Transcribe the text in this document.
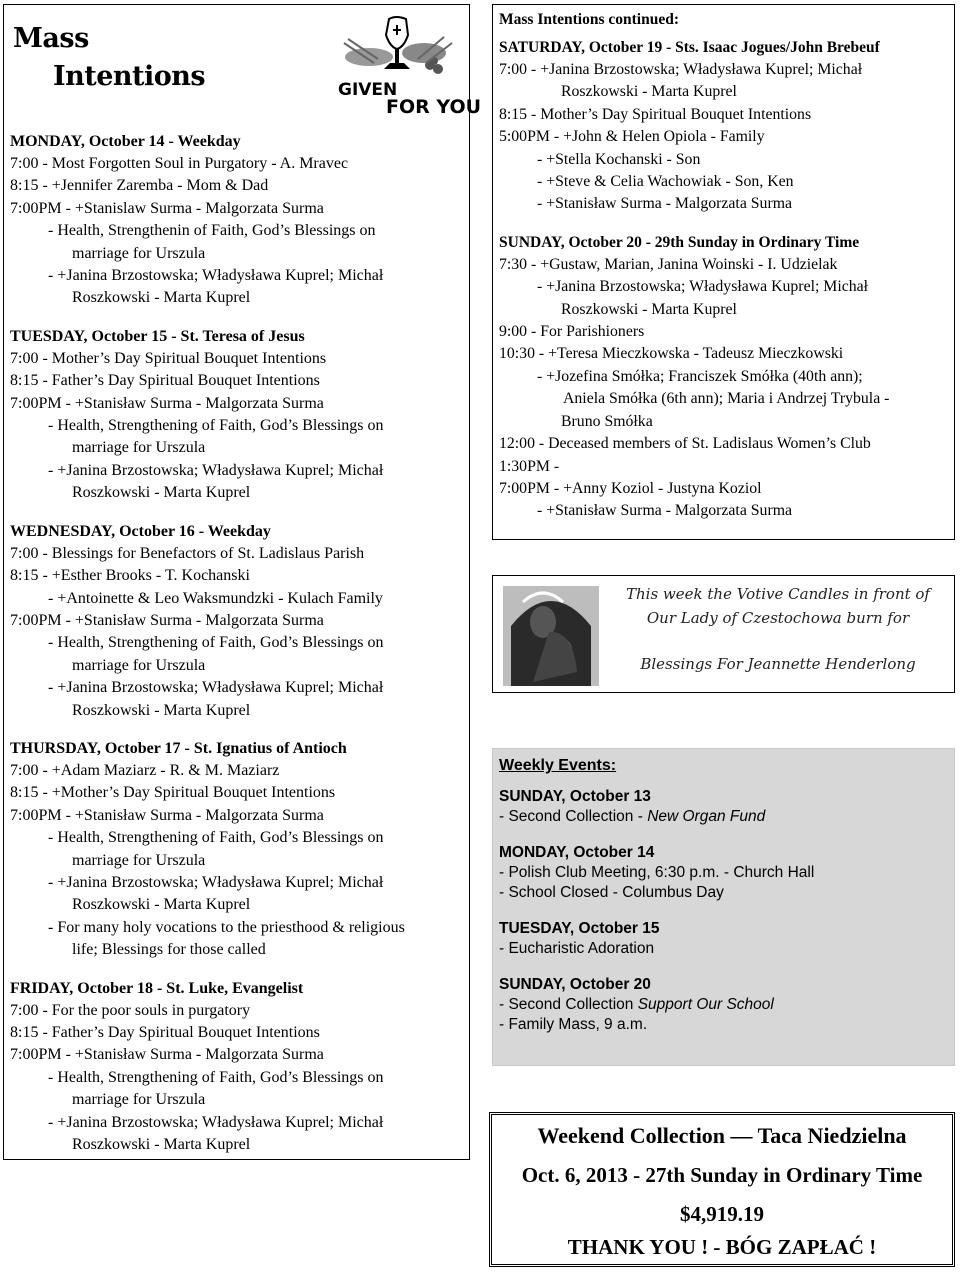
Mass
Intentions	GIVEN
FOR YOU

MONDAY, October 14 - Weekday

7:00 - Most Forgotten Soul in Purgatory - A. Mravec

8:15 - +Jennifer Zaremba - Mom & Dad

7:00PM - +Stanislaw Surma - Malgorzata Surma

- Health, Strengthenin of Faith, God’s Blessings on

marriage for Urszula

- +Janina Brzostowska; Władysława Kuprel; Michał

Roszkowski - Marta Kuprel

TUESDAY, October 15 - St. Teresa of Jesus

7:00 - Mother’s Day Spiritual Bouquet Intentions

8:15 - Father’s Day Spiritual Bouquet Intentions

7:00PM - +Stanisław Surma - Malgorzata Surma

- Health, Strengthening of Faith, God’s Blessings on

marriage for Urszula

- +Janina Brzostowska; Władysława Kuprel; Michał

Roszkowski - Marta Kuprel

WEDNESDAY, October 16 - Weekday

7:00 - Blessings for Benefactors of St. Ladislaus Parish

8:15 - +Esther Brooks - T. Kochanski

- +Antoinette & Leo Waksmundzki - Kulach Family

7:00PM - +Stanisław Surma - Malgorzata Surma

- Health, Strengthening of Faith, God’s Blessings on

marriage for Urszula

- +Janina Brzostowska; Władysława Kuprel; Michał

Roszkowski - Marta Kuprel

THURSDAY, October 17 - St. Ignatius of Antioch

7:00 - +Adam Maziarz - R. & M. Maziarz

8:15 - +Mother’s Day Spiritual Bouquet Intentions

7:00PM - +Stanisław Surma - Malgorzata Surma

- Health, Strengthening of Faith, God’s Blessings on

marriage for Urszula

- +Janina Brzostowska; Władysława Kuprel; Michał

Roszkowski - Marta Kuprel

- For many holy vocations to the priesthood & religious

life; Blessings for those called

FRIDAY, October 18 - St. Luke, Evangelist

7:00 - For the poor souls in purgatory

8:15 - Father’s Day Spiritual Bouquet Intentions

7:00PM - +Stanisław Surma - Malgorzata Surma

- Health, Strengthening of Faith, God’s Blessings on

marriage for Urszula

- +Janina Brzostowska; Władysława Kuprel; Michał

Roszkowski - Marta Kuprel

Mass Intentions continued:

SATURDAY, October 19 - Sts. Isaac Jogues/John Brebeuf

7:00 - +Janina Brzostowska; Władysława Kuprel; Michał

Roszkowski - Marta Kuprel

8:15 - Mother’s Day Spiritual Bouquet Intentions

5:00PM - +John & Helen Opiola - Family

- +Stella Kochanski - Son

- +Steve & Celia Wachowiak - Son, Ken

- +Stanisław Surma - Malgorzata Surma

SUNDAY, October 20 - 29th Sunday in Ordinary Time

7:30 - +Gustaw, Marian, Janina Woinski - I. Udzielak

- +Janina Brzostowska; Władysława Kuprel; Michał

Roszkowski - Marta Kuprel

9:00 - For Parishioners

10:30 - +Teresa Mieczkowska - Tadeusz Mieczkowski

- +Jozefina Smółka; Franciszek Smółka (40th ann);

Aniela Smółka (6th ann); Maria i Andrzej Trybula -

Bruno Smółka

12:00 - Deceased members of St. Ladislaus Women’s Club

1:30PM -

7:00PM - +Anny Koziol - Justyna Koziol

- +Stanisław Surma - Malgorzata Surma

This week the Votive Candles in front of
Our Lady of Czestochowa burn for
Blessings For Jeannette Henderlong

Weekly Events:

SUNDAY, October 13

- Second Collection - New Organ Fund

MONDAY, October 14

- Polish Club Meeting, 6:30 p.m. - Church Hall

- School Closed - Columbus Day

TUESDAY, October 15

- Eucharistic Adoration

SUNDAY, October 20

- Second Collection Support Our School

- Family Mass, 9 a.m.

Weekend Collection — Taca Niedzielna

Oct. 6, 2013 - 27th Sunday in Ordinary Time

$4,919.19

THANK YOU ! - BÓG ZAPŁAĆ !
